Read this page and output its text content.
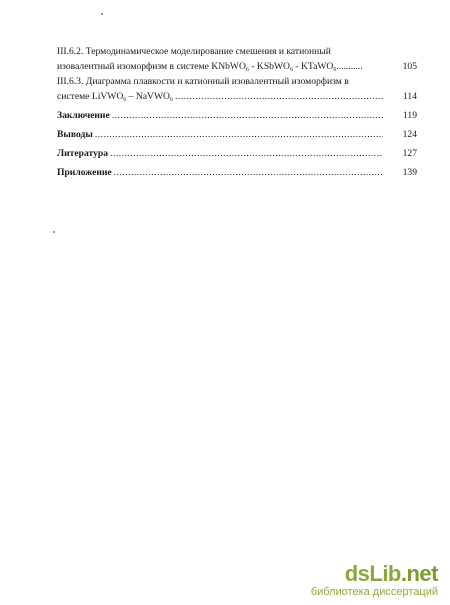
III.6.2. Термодинамическое моделирование смешения и катионный
изовалентный изоморфизм в системе KNbWO$_6$ - KSbWO$_6$ - KTaWO$_6$...........	105
III.6.3. Диаграмма плавкости и катионный изовалентный изоморфизм в
системе LiVWO$_6$ – NaVWO$_6$ .....	114
Заключение .....	119
Выводы .....	124
Литература .....	127
Приложение .....	139
dsLib.net
библиотека диссертаций
